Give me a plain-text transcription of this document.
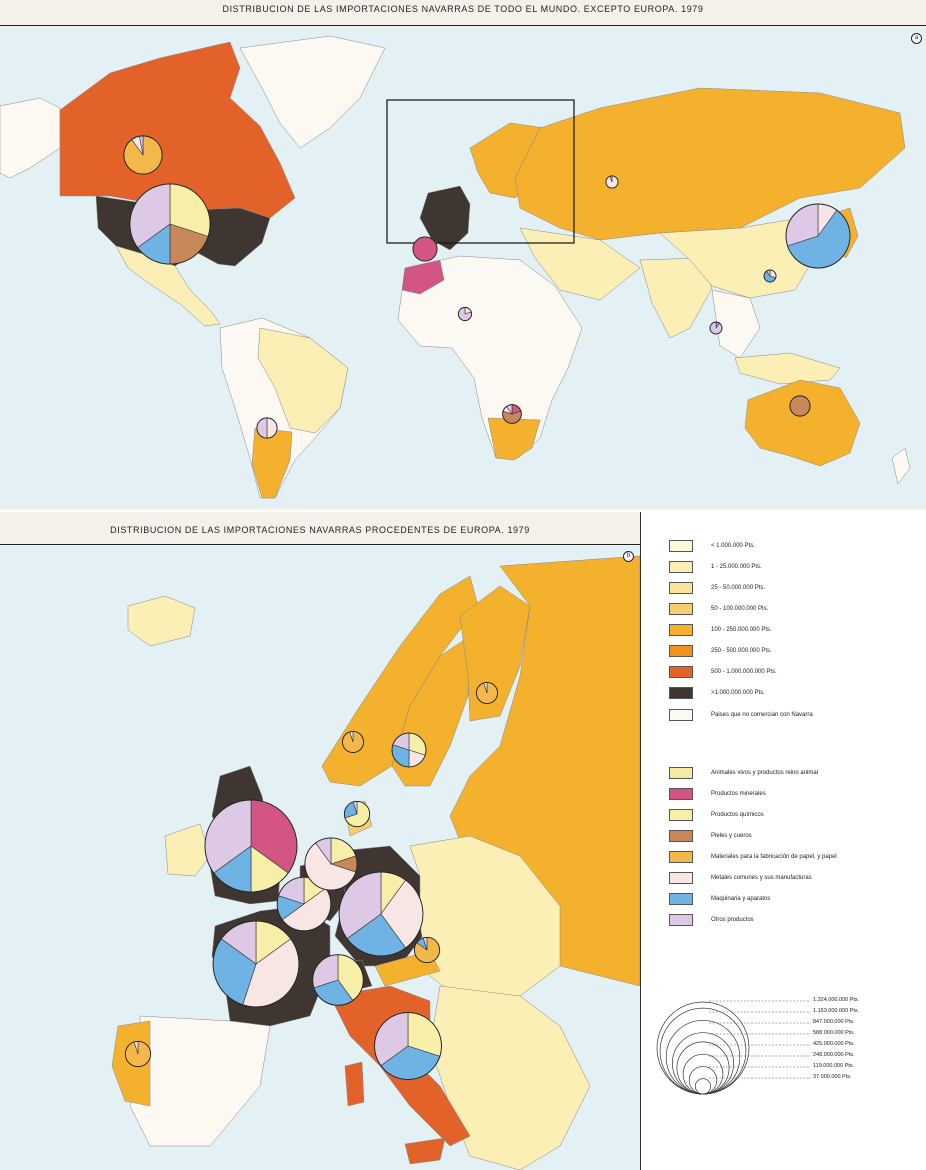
DISTRIBUCION DE LAS IMPORTACIONES NAVARRAS DE TODO EL MUNDO. EXCEPTO EUROPA. 1979
a
DISTRIBUCION DE LAS IMPORTACIONES NAVARRAS PROCEDENTES DE EUROPA. 1979
b
< 1.000.000 Pts.
1 - 25.000.000 Pts.
25 - 50.000.000 Pts.
50 - 100.000.000 Pts.
100 - 250.000.000 Pts.
250 - 500.000.000 Pts.
500 - 1.000.000.000 Pts.
>1.000.000.000 Pts.
Paises que no comercian con Navarra
Animales vivos y productos reino animal
Productos minerales
Productos químicos
Pieles y cueros
Materiales para la fabricación de papel, y papel
Metales comunes y sus manufacturas
Maquinaria y aparatos
Otros productos
1.324.000.000 Pts.
1.153.000.000 Pts.
847.000.000 Pts.
588.000.000 Pts.
425.000.000 Pts.
248.000.000 Pts.
119.000.000 Pts.
37.000.000 Pts.
